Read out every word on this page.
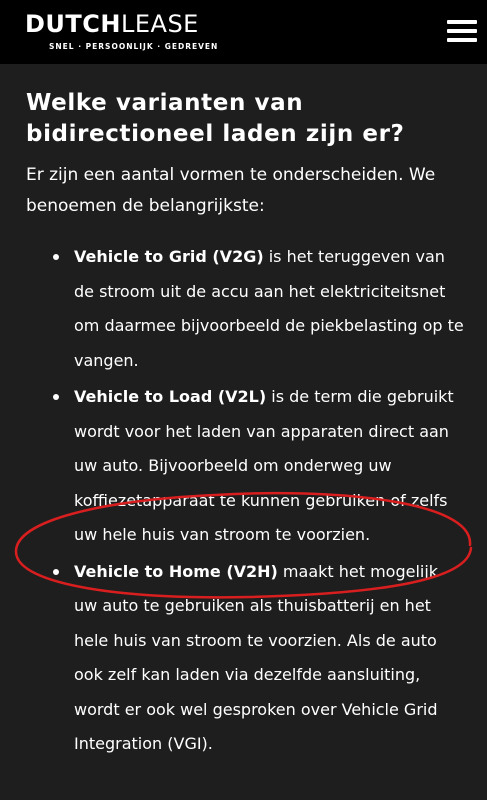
DUTCHLEASE
SNEL · PERSOONLIJK · GEDREVEN
Welke varianten van bidirectioneel laden zijn er?

Er zijn een aantal vormen te onderscheiden. We benoemen de belangrijkste:

Vehicle to Grid (V2G) is het teruggeven van de stroom uit de accu aan het elektriciteitsnet om daarmee bijvoorbeeld de piekbelasting op te vangen.
Vehicle to Load (V2L) is de term die gebruikt wordt voor het laden van apparaten direct aan uw auto. Bijvoorbeeld om onderweg uw koffiezetapparaat te kunnen gebruiken of zelfs uw hele huis van stroom te voorzien.
Vehicle to Home (V2H) maakt het mogelijk uw auto te gebruiken als thuisbatterij en het hele huis van stroom te voorzien. Als de auto ook zelf kan laden via dezelfde aansluiting, wordt er ook wel gesproken over Vehicle Grid Integration (VGI).
